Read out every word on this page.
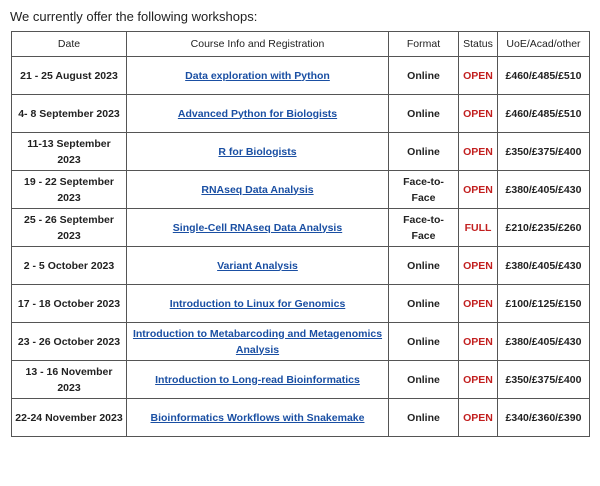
We currently offer the following workshops:
Date	Course Info and Registration	Format	Status	UoE/Acad/other
21 - 25 August 2023	Data exploration with Python	Online	OPEN	£460/£485/£510
4- 8 September 2023	Advanced Python for Biologists	Online	OPEN	£460/£485/£510
11-13 September 2023	R for Biologists	Online	OPEN	£350/£375/£400
19 - 22 September 2023	RNAseq Data Analysis	Face-to-Face	OPEN	£380/£405/£430
25 - 26 September 2023	Single-Cell RNAseq Data Analysis	Face-to-Face	FULL	£210/£235/£260
2 - 5 October 2023	Variant Analysis	Online	OPEN	£380/£405/£430
17 - 18 October 2023	Introduction to Linux for Genomics	Online	OPEN	£100/£125/£150
23 - 26 October 2023	Introduction to Metabarcoding and Metagenomics Analysis	Online	OPEN	£380/£405/£430
13 - 16 November 2023	Introduction to Long-read Bioinformatics	Online	OPEN	£350/£375/£400
22-24 November 2023	Bioinformatics Workflows with Snakemake	Online	OPEN	£340/£360/£390
